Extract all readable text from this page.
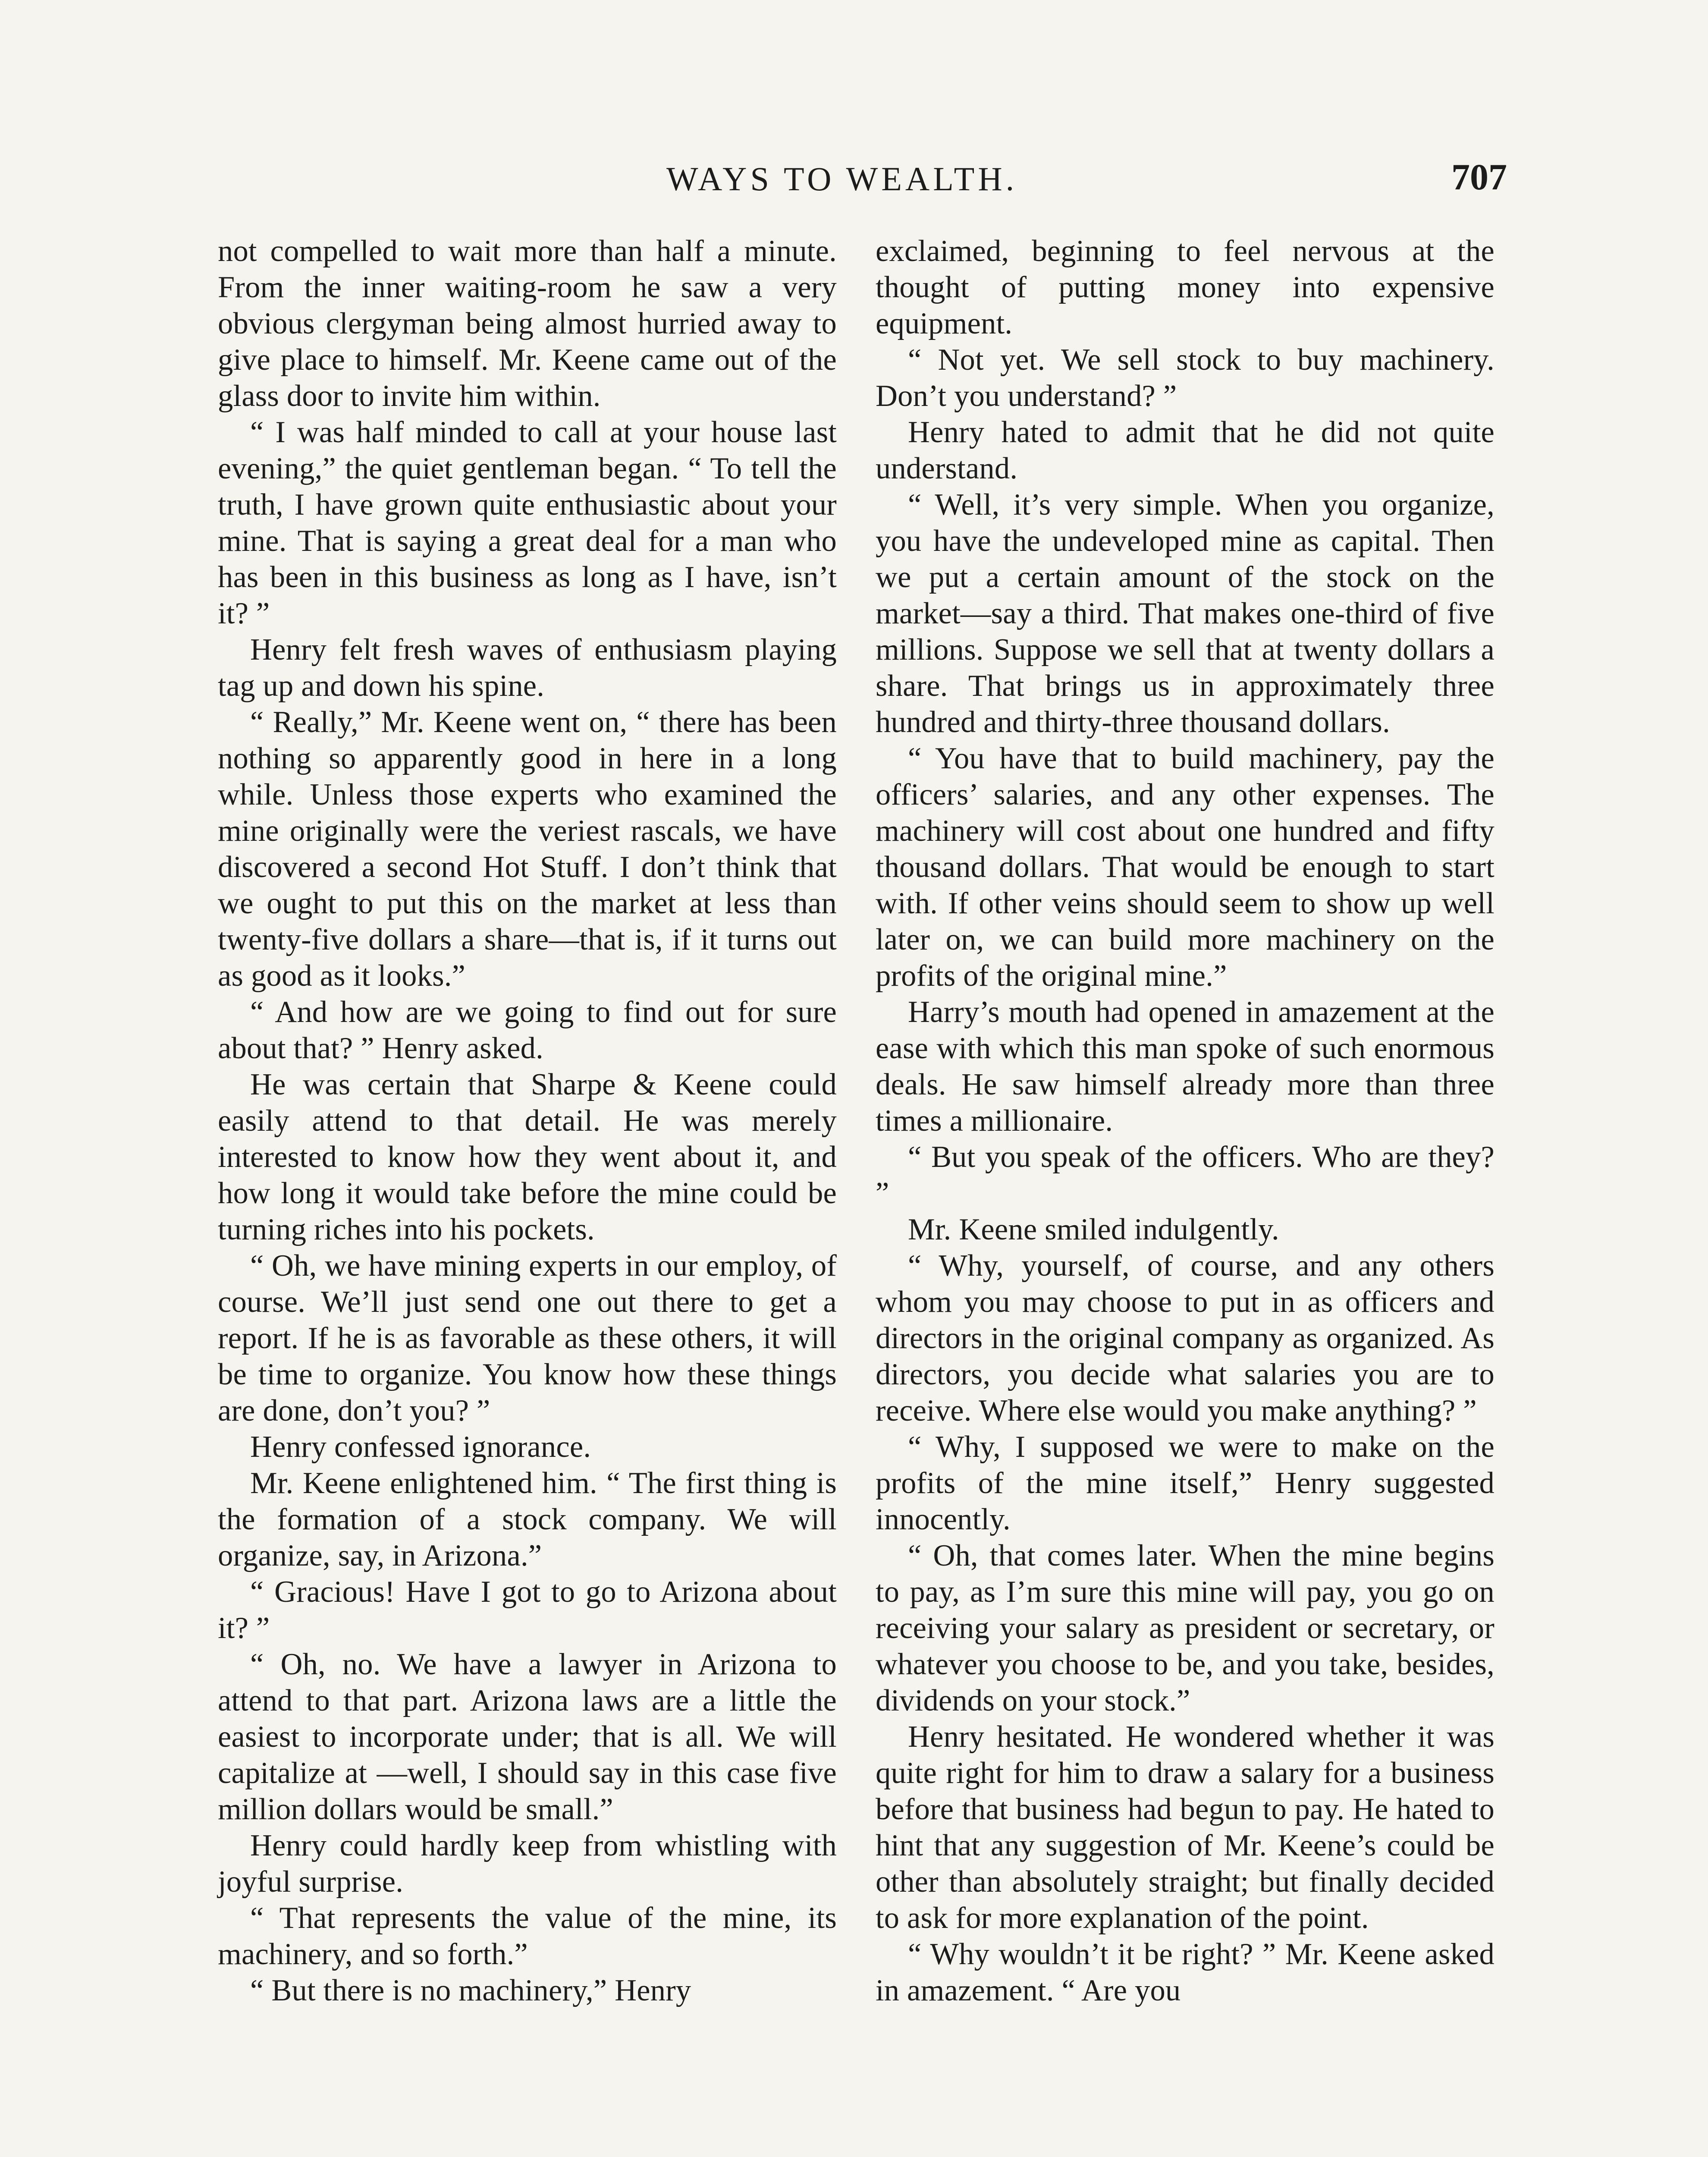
WAYS TO WEALTH.	707

not compelled to wait more than half a minute. From the inner waiting-room he saw a very obvious clergyman being almost hurried away to give place to himself. Mr. Keene came out of the glass door to invite him within.

“ I was half minded to call at your house last evening,” the quiet gentleman began. “ To tell the truth, I have grown quite enthusiastic about your mine. That is saying a great deal for a man who has been in this business as long as I have, isn’t it? ”

Henry felt fresh waves of enthusiasm playing tag up and down his spine.

“ Really,” Mr. Keene went on, “ there has been nothing so apparently good in here in a long while. Unless those experts who examined the mine originally were the veriest rascals, we have discovered a second Hot Stuff. I don’t think that we ought to put this on the market at less than twenty-five dollars a share—that is, if it turns out as good as it looks.”

“ And how are we going to find out for sure about that? ” Henry asked.

He was certain that Sharpe & Keene could easily attend to that detail. He was merely interested to know how they went about it, and how long it would take before the mine could be turning riches into his pockets.

“ Oh, we have mining experts in our employ, of course. We’ll just send one out there to get a report. If he is as favorable as these others, it will be time to organize. You know how these things are done, don’t you? ”

Henry confessed ignorance.

Mr. Keene enlightened him. “ The first thing is the formation of a stock company. We will organize, say, in Arizona.”

“ Gracious! Have I got to go to Arizona about it? ”

“ Oh, no. We have a lawyer in Arizona to attend to that part. Arizona laws are a little the easiest to incorporate under; that is all. We will capitalize at —well, I should say in this case five million dollars would be small.”

Henry could hardly keep from whistling with joyful surprise.

“ That represents the value of the mine, its machinery, and so forth.”

“ But there is no machinery,” Henry

exclaimed, beginning to feel nervous at the thought of putting money into expensive equipment.

“ Not yet. We sell stock to buy machinery. Don’t you understand? ”

Henry hated to admit that he did not quite understand.

“ Well, it’s very simple. When you organize, you have the undeveloped mine as capital. Then we put a certain amount of the stock on the market—say a third. That makes one-third of five millions. Suppose we sell that at twenty dollars a share. That brings us in approximately three hundred and thirty-three thousand dollars.

“ You have that to build machinery, pay the officers’ salaries, and any other expenses. The machinery will cost about one hundred and fifty thousand dollars. That would be enough to start with. If other veins should seem to show up well later on, we can build more machinery on the profits of the original mine.”

Harry’s mouth had opened in amazement at the ease with which this man spoke of such enormous deals. He saw himself already more than three times a millionaire.

“ But you speak of the officers. Who are they? ”

Mr. Keene smiled indulgently.

“ Why, yourself, of course, and any others whom you may choose to put in as officers and directors in the original company as organized. As directors, you decide what salaries you are to receive. Where else would you make anything? ”

“ Why, I supposed we were to make on the profits of the mine itself,” Henry suggested innocently.

“ Oh, that comes later. When the mine begins to pay, as I’m sure this mine will pay, you go on receiving your salary as president or secretary, or whatever you choose to be, and you take, besides, dividends on your stock.”

Henry hesitated. He wondered whether it was quite right for him to draw a salary for a business before that business had begun to pay. He hated to hint that any suggestion of Mr. Keene’s could be other than absolutely straight; but finally decided to ask for more explanation of the point.

“ Why wouldn’t it be right? ” Mr. Keene asked in amazement. “ Are you
